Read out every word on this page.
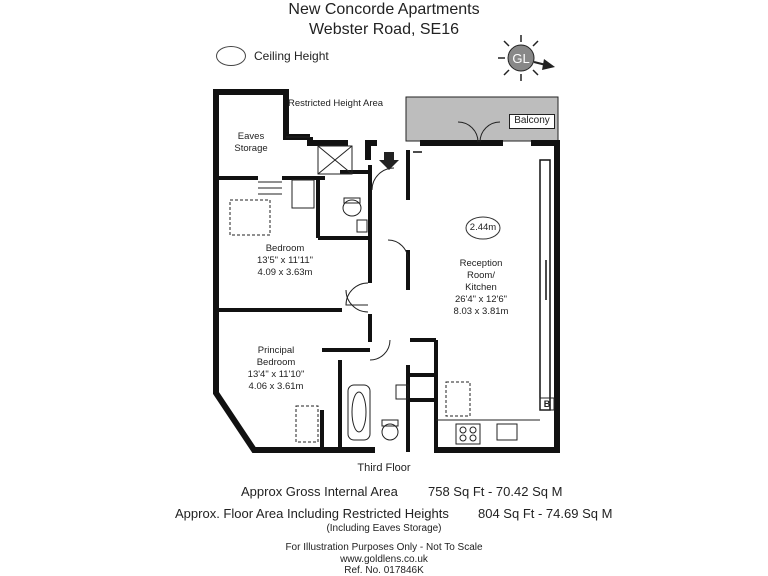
New Concorde Apartments
Webster Road, SE16
Ceiling Height	GL
Restricted Height Area
Eaves
Storage
Balcony
2.44m
B
Bedroom
13'5" x 11'11"
4.09 x 3.63m
Principal
Bedroom
13'4" x 11'10"
4.06 x 3.61m
Reception
Room/
Kitchen
26'4" x 12'6"
8.03 x 3.81m
Third Floor
Approx Gross Internal Area 758 Sq Ft - 70.42 Sq M
Approx. Floor Area Including Restricted Heights 804 Sq Ft - 74.69 Sq M
(Including Eaves Storage)
For Illustration Purposes Only - Not To Scale
www.goldlens.co.uk
Ref. No. 017846K
